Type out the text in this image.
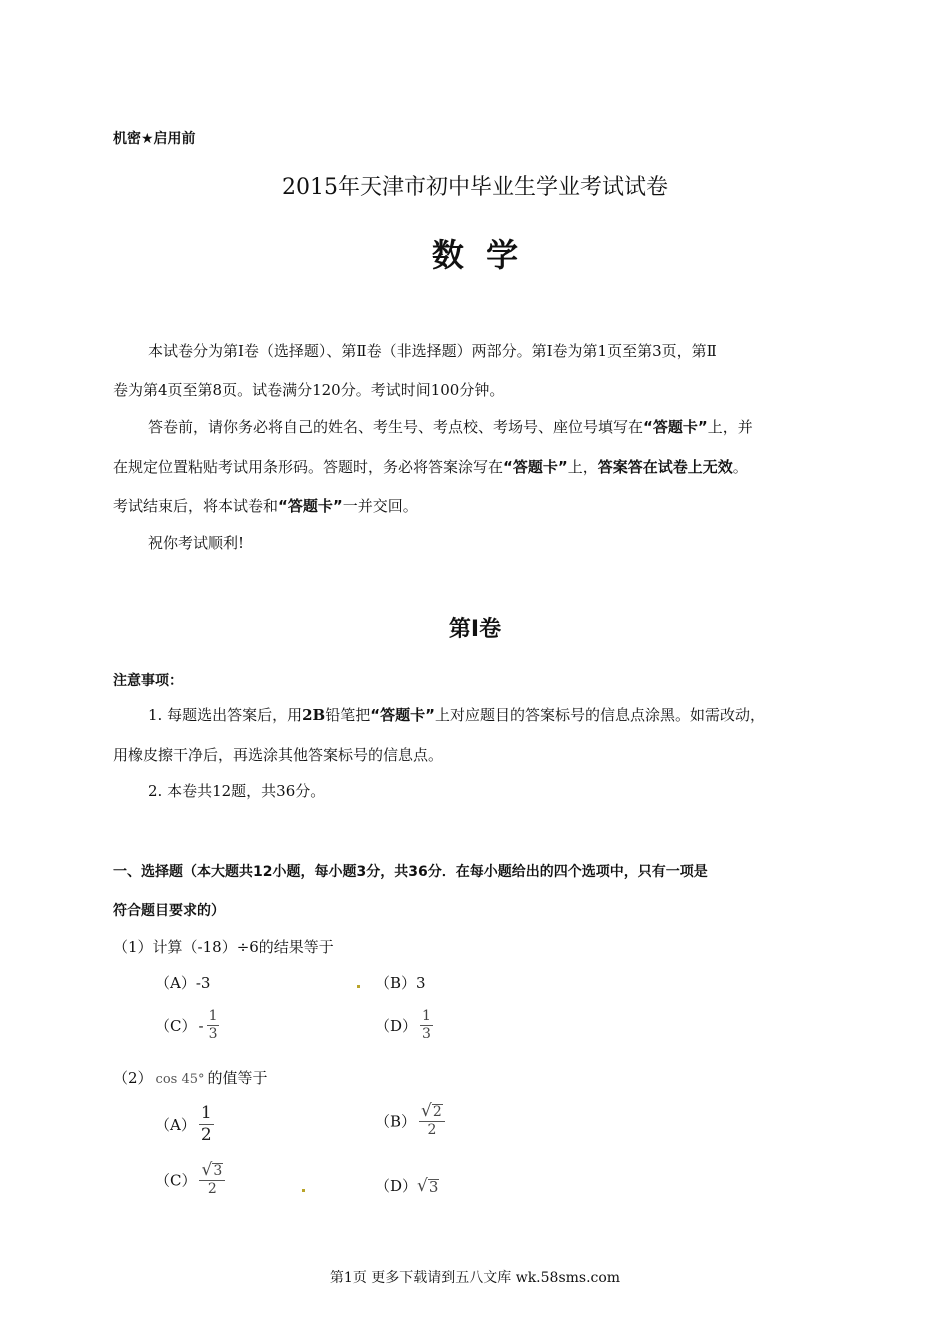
机密★启用前
2015年天津市初中毕业生学业考试试卷
数  学
本试卷分为第Ⅰ卷（选择题）、第Ⅱ卷（非选择题）两部分。第Ⅰ卷为第1页至第3页，第Ⅱ
卷为第4页至第8页。试卷满分120分。考试时间100分钟。
答卷前，请你务必将自己的姓名、考生号、考点校、考场号、座位号填写在“答题卡”上，并
在规定位置粘贴考试用条形码。答题时，务必将答案涂写在“答题卡”上，答案答在试卷上无效。
考试结束后，将本试卷和“答题卡”一并交回。
祝你考试顺利!
第Ⅰ卷
注意事项：
1. 每题选出答案后，用2B铅笔把“答题卡”上对应题目的答案标号的信息点涂黑。如需改动，
用橡皮擦干净后，再选涂其他答案标号的信息点。
2. 本卷共12题，共36分。
一、选择题（本大题共12小题，每小题3分，共36分．在每小题给出的四个选项中，只有一项是
符合题目要求的）
（1）计算（-18）÷6的结果等于
（A）-3	（B）3
$(C) - \frac{1}{3}$	$(D) \frac{1}{3}$
（2） cos 45° 的值等于
$(A) \frac{1}{2}$	$(B) \frac{√ 2}{2}$
$(C) \frac{√ 3}{2}$	（D） √ 3
第1页 更多下载请到五八文库 wk.58sms.com
